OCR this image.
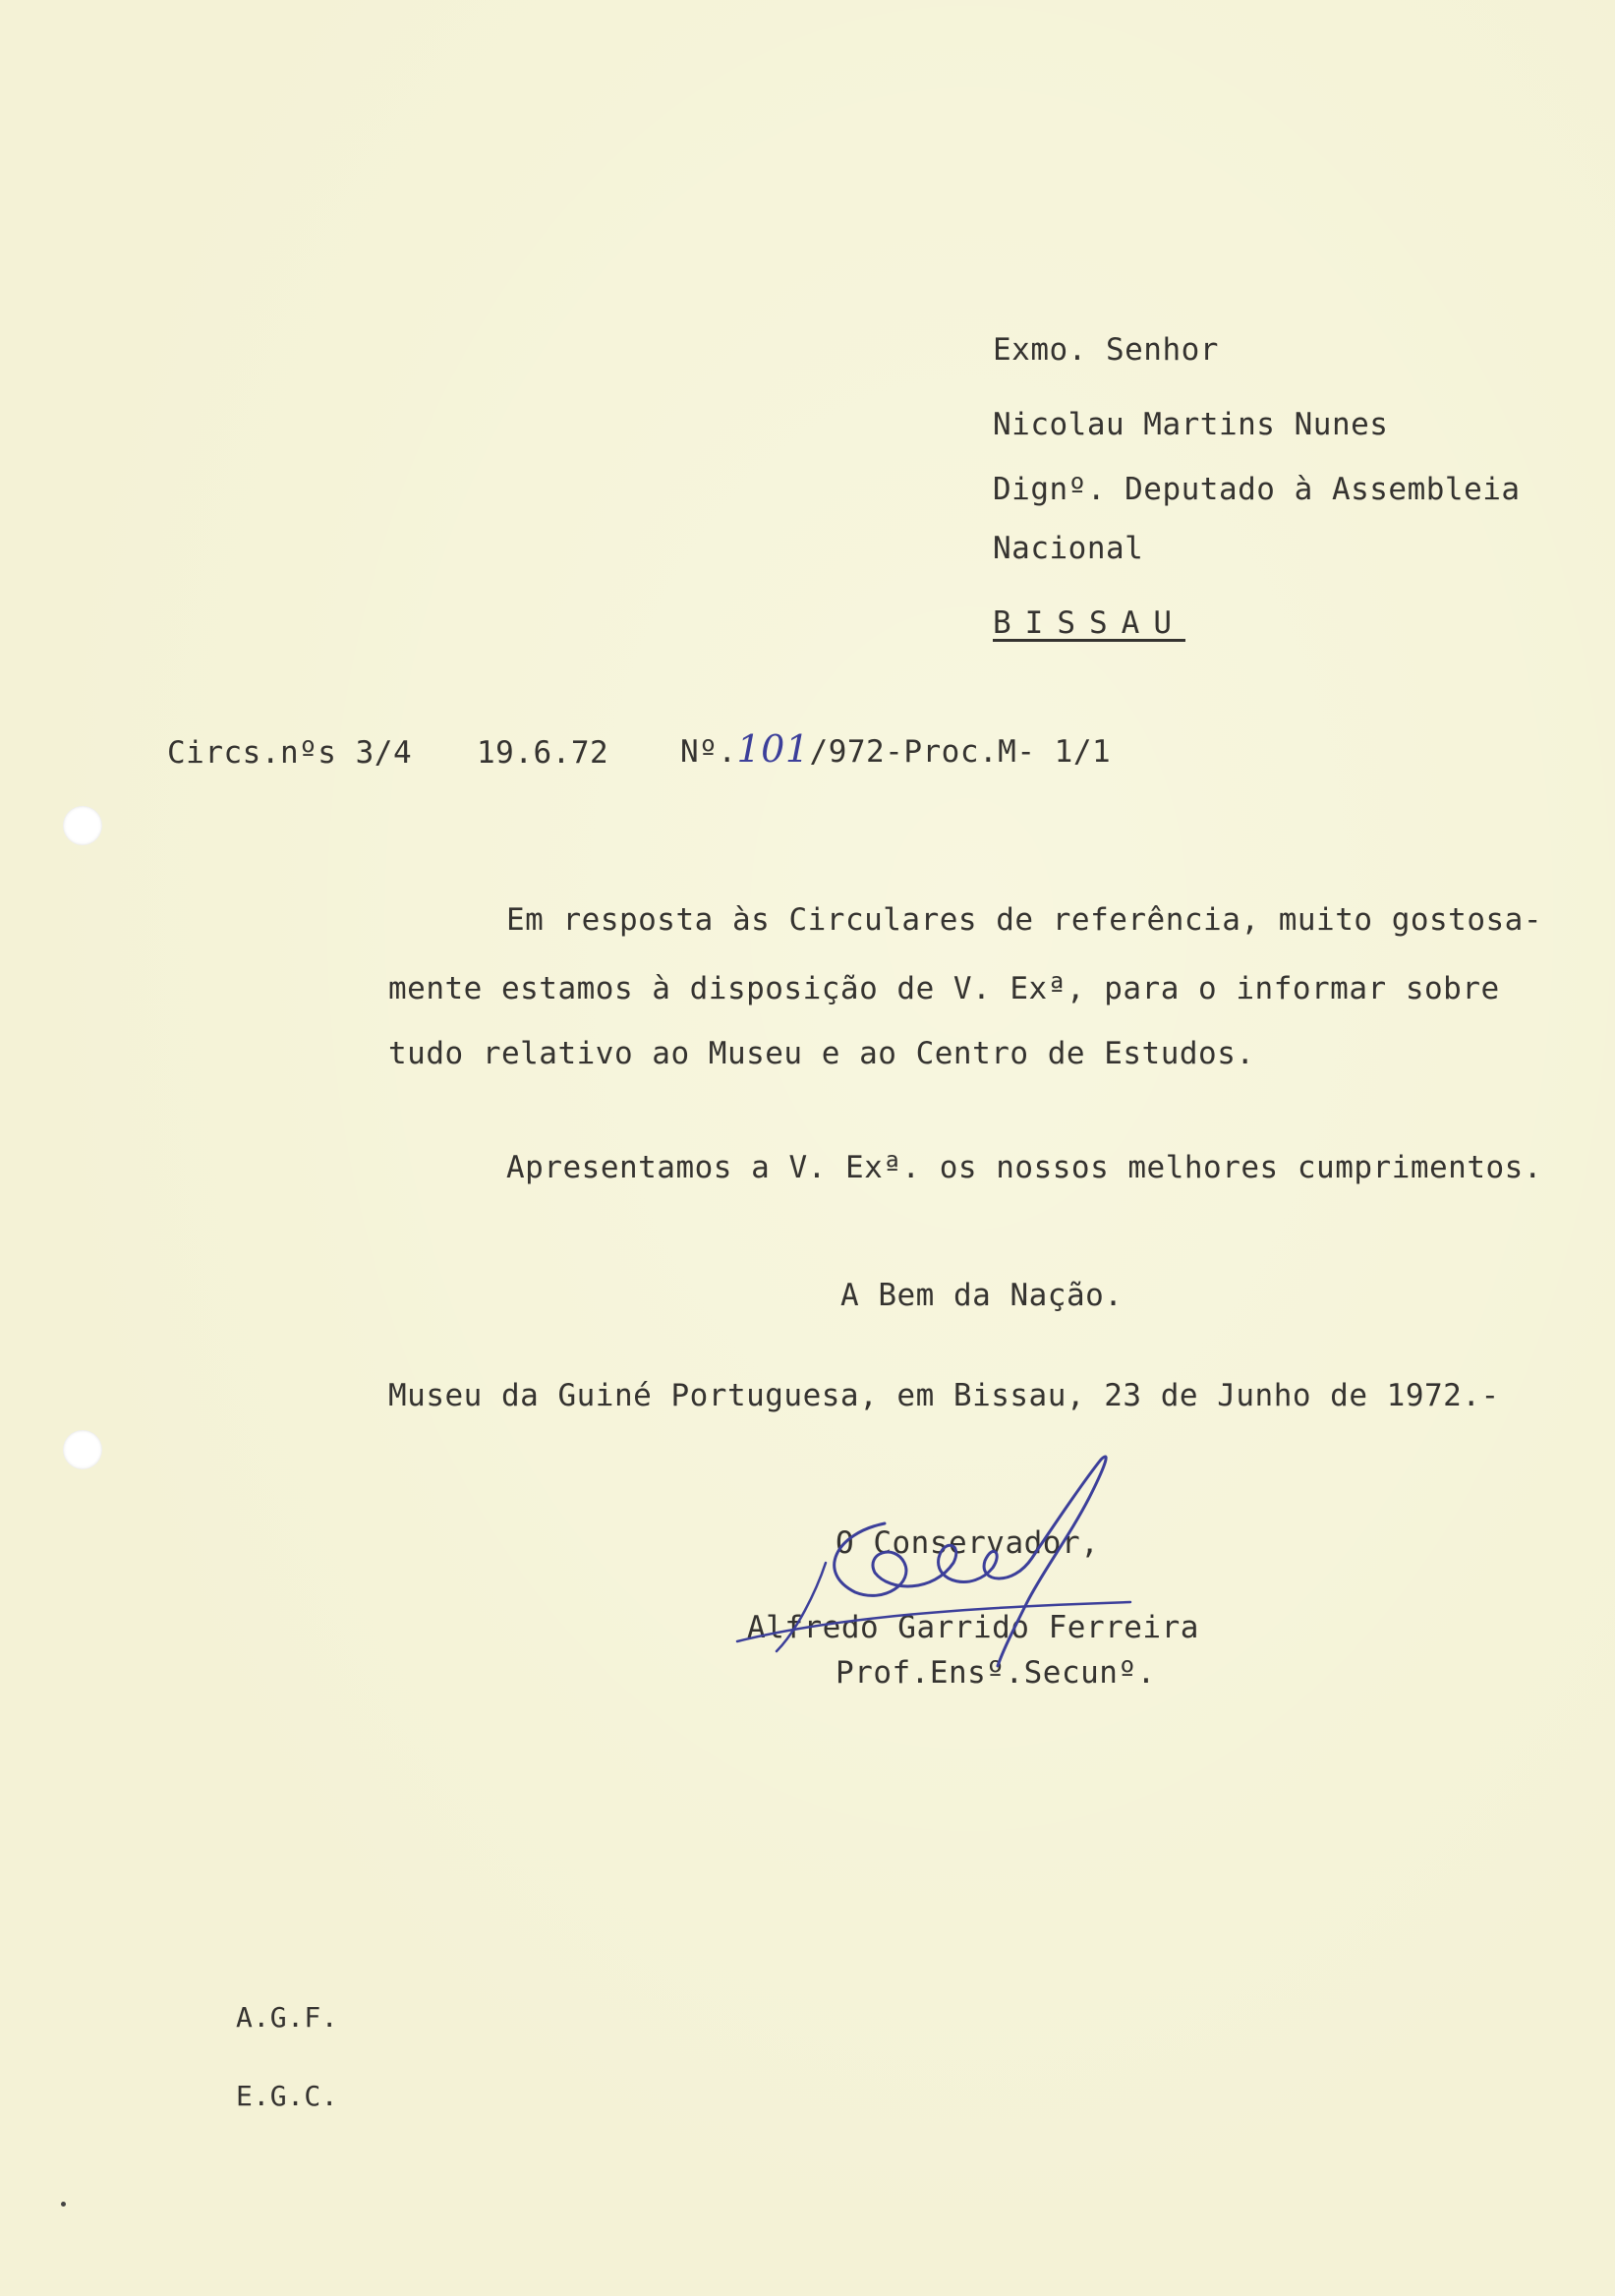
Exmo. Senhor
Nicolau Martins Nunes
Dignº. Deputado à Assembleia
Nacional
BISSAU
Circs.nºs 3/4 19.6.72 Nº.101/972-Proc.M- 1/1
Em resposta às Circulares de referência, muito gostosa-
mente estamos à disposição de V. Exª, para o informar sobre
tudo relativo ao Museu e ao Centro de Estudos.
Apresentamos a V. Exª. os nossos melhores cumprimentos.
A Bem da Nação.
Museu da Guiné Portuguesa, em Bissau, 23 de Junho de 1972.-
O Conservador,
Alfredo Garrido Ferreira
Prof.Ensº.Secunº.
A.G.F.
E.G.C.
